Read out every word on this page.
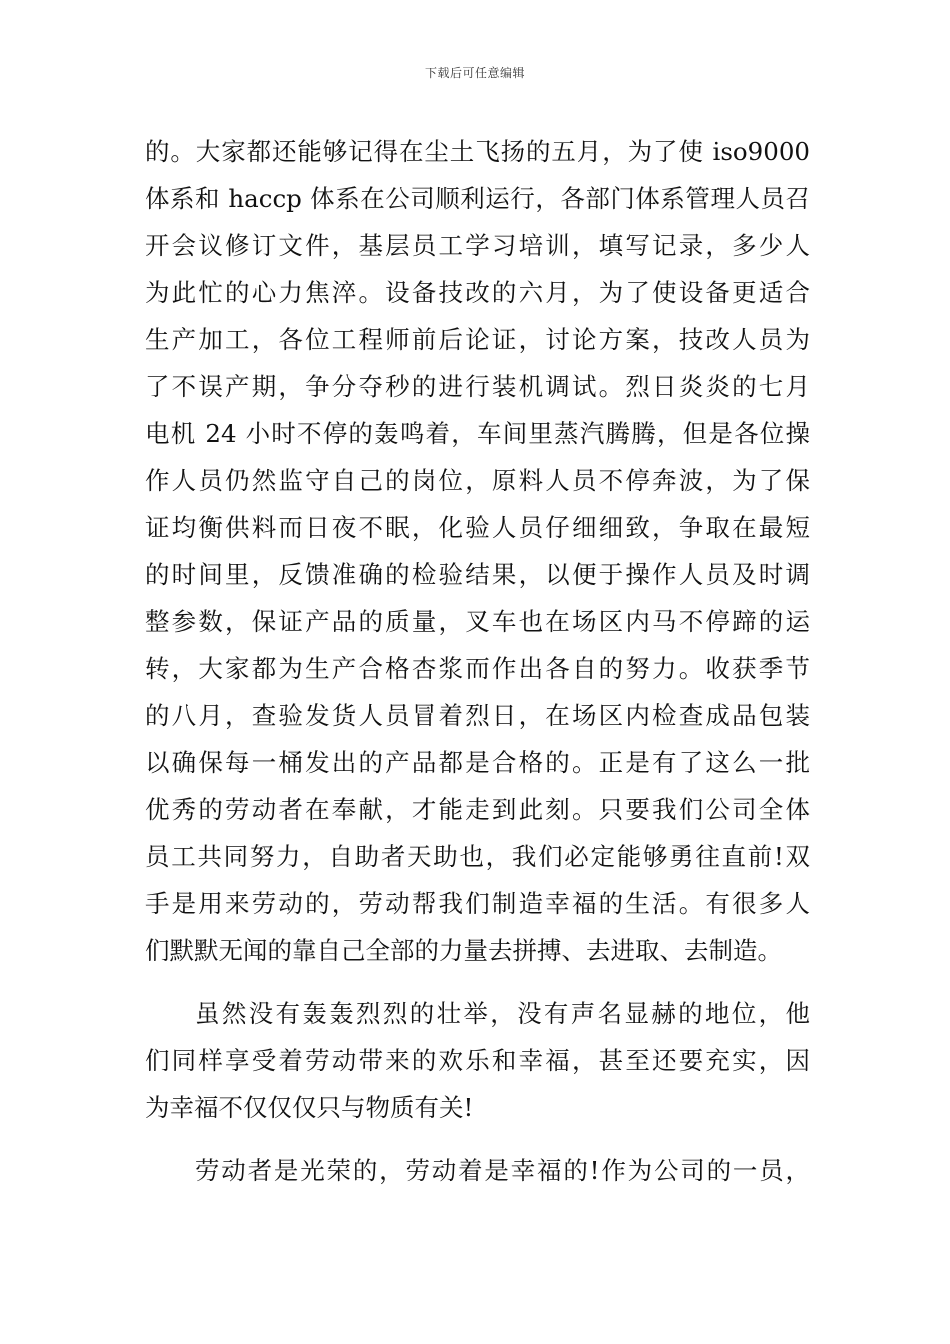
下载后可任意编辑
的。大家都还能够记得在尘土飞扬的五月，为了使 iso9000
体系和 haccp 体系在公司顺利运行，各部门体系管理人员召
开会议修订文件，基层员工学习培训，填写记录，多少人
为此忙的心力焦淬。设备技改的六月，为了使设备更适合
生产加工，各位工程师前后论证，讨论方案，技改人员为
了不误产期，争分夺秒的进行装机调试。烈日炎炎的七月
电机 24 小时不停的轰鸣着，车间里蒸汽腾腾，但是各位操
作人员仍然监守自己的岗位，原料人员不停奔波，为了保
证均衡供料而日夜不眠，化验人员仔细细致，争取在最短
的时间里，反馈准确的检验结果，以便于操作人员及时调
整参数，保证产品的质量，叉车也在场区内马不停蹄的运
转，大家都为生产合格杏浆而作出各自的努力。收获季节
的八月，查验发货人员冒着烈日，在场区内检查成品包装
以确保每一桶发出的产品都是合格的。正是有了这么一批
优秀的劳动者在奉献，才能走到此刻。只要我们公司全体
员工共同努力，自助者天助也，我们必定能够勇往直前!双
手是用来劳动的，劳动帮我们制造幸福的生活。有很多人
们默默无闻的靠自己全部的力量去拼搏、去进取、去制造。
虽然没有轰轰烈烈的壮举，没有声名显赫的地位，他
们同样享受着劳动带来的欢乐和幸福，甚至还要充实，因
为幸福不仅仅仅只与物质有关!
劳动者是光荣的，劳动着是幸福的!作为公司的一员，
